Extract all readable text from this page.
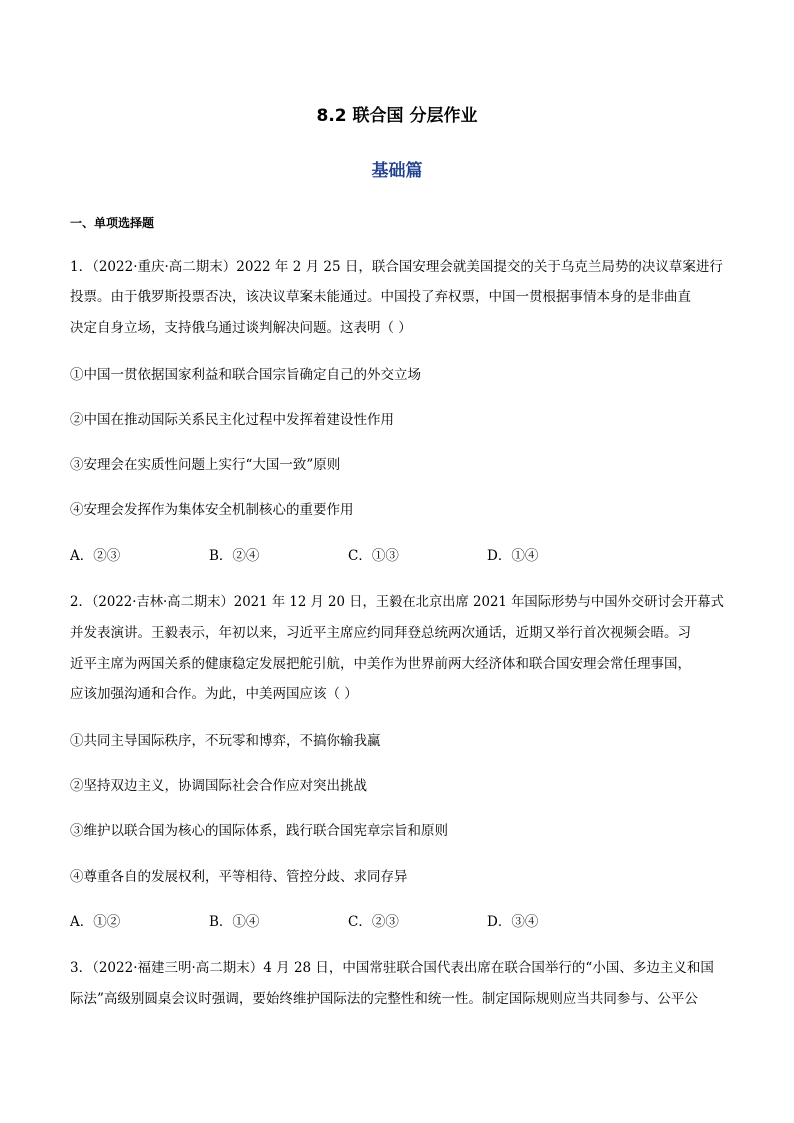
8.2 联合国 分层作业
基础篇
一、单项选择题
1．（2022·重庆·高二期末）2022 年 2 月 25 日，联合国安理会就美国提交的关于乌克兰局势的决议草案进行
投票。由于俄罗斯投票否决，该决议草案未能通过。中国投了弃权票，中国一贯根据事情本身的是非曲直
决定自身立场，支持俄乌通过谈判解决问题。这表明（ ）
①中国一贯依据国家利益和联合国宗旨确定自己的外交立场
②中国在推动国际关系民主化过程中发挥着建设性作用
③安理会在实质性问题上实行“大国一致”原则
④安理会发挥作为集体安全机制核心的重要作用
A．②③	B．②④	C．①③	D．①④
2．（2022·吉林·高二期末）2021 年 12 月 20 日，王毅在北京出席 2021 年国际形势与中国外交研讨会开幕式
并发表演讲。王毅表示，年初以来，习近平主席应约同拜登总统两次通话，近期又举行首次视频会晤。习
近平主席为两国关系的健康稳定发展把舵引航，中美作为世界前两大经济体和联合国安理会常任理事国，
应该加强沟通和合作。为此，中美两国应该（ ）
①共同主导国际秩序，不玩零和博弈，不搞你输我赢
②坚持双边主义，协调国际社会合作应对突出挑战
③维护以联合国为核心的国际体系，践行联合国宪章宗旨和原则
④尊重各自的发展权利，平等相待、管控分歧、求同存异
A．①②	B．①④	C．②③	D．③④
3．（2022·福建三明·高二期末）4 月 28 日，中国常驻联合国代表出席在联合国举行的“小国、多边主义和国
际法”高级别圆桌会议时强调，要始终维护国际法的完整性和统一性。制定国际规则应当共同参与、公平公
